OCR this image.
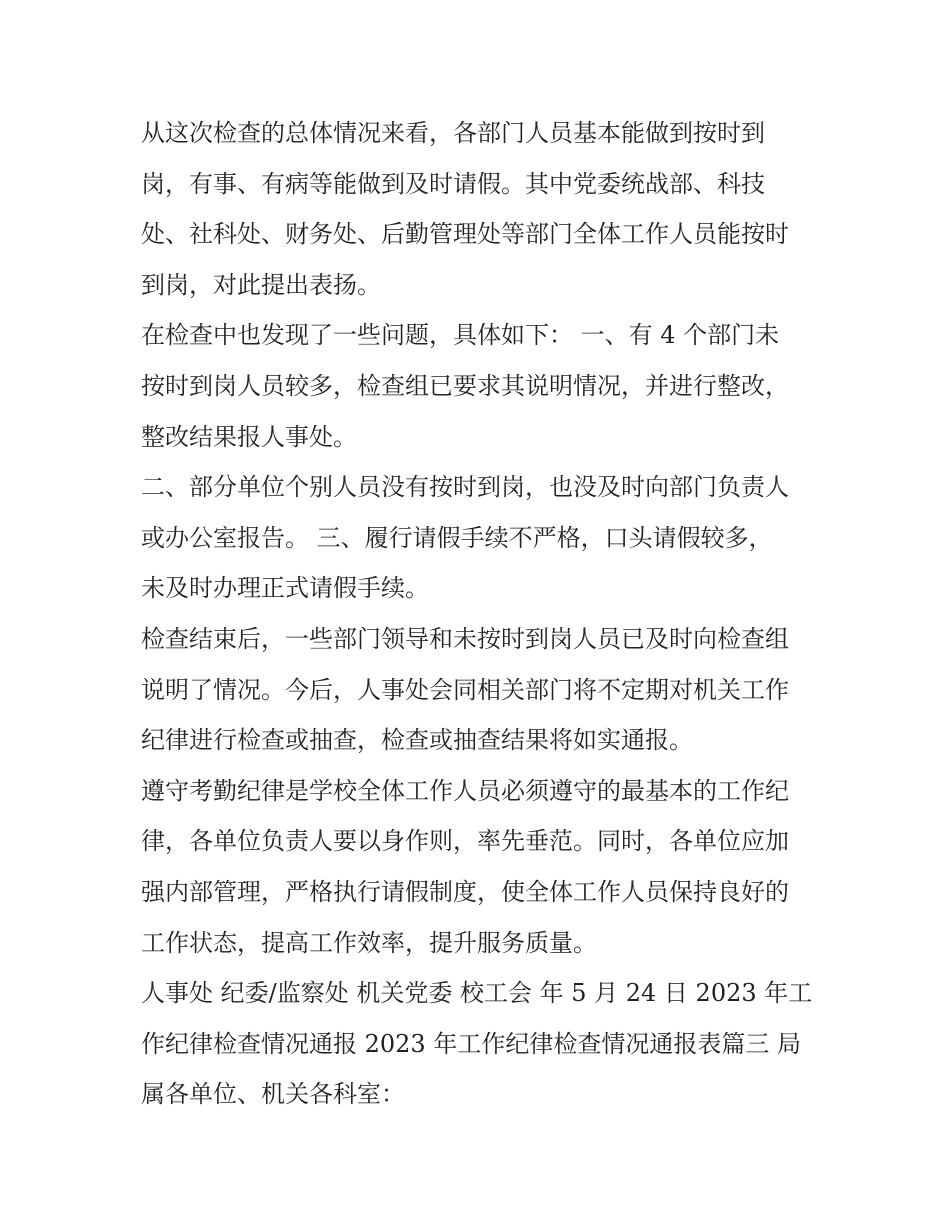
从这次检查的总体情况来看，各部门人员基本能做到按时到
岗，有事、有病等能做到及时请假。其中党委统战部、科技
处、社科处、财务处、后勤管理处等部门全体工作人员能按时
到岗，对此提出表扬。
在检查中也发现了一些问题，具体如下： 一、有 4 个部门未
按时到岗人员较多，检查组已要求其说明情况，并进行整改，
整改结果报人事处。
二、部分单位个别人员没有按时到岗，也没及时向部门负责人
或办公室报告。 三、履行请假手续不严格，口头请假较多，
未及时办理正式请假手续。
检查结束后，一些部门领导和未按时到岗人员已及时向检查组
说明了情况。今后，人事处会同相关部门将不定期对机关工作
纪律进行检查或抽查，检查或抽查结果将如实通报。
遵守考勤纪律是学校全体工作人员必须遵守的最基本的工作纪
律，各单位负责人要以身作则，率先垂范。同时，各单位应加
强内部管理，严格执行请假制度，使全体工作人员保持良好的
工作状态，提高工作效率，提升服务质量。
人事处 纪委/监察处 机关党委 校工会 年 5 月 24 日 2023 年工
作纪律检查情况通报 2023 年工作纪律检查情况通报表篇三 局
属各单位、机关各科室：
